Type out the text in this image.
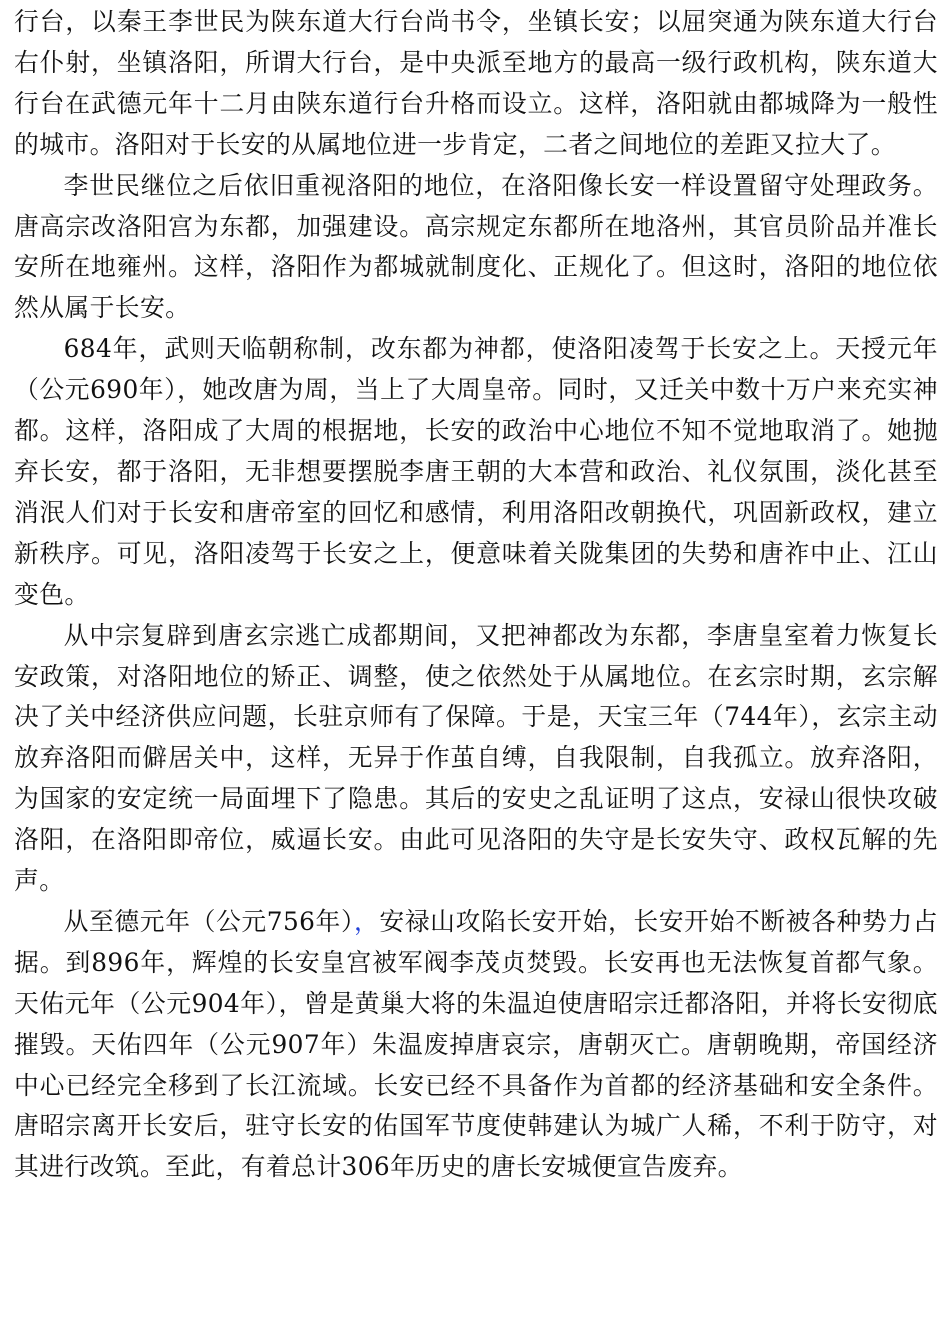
行台，以秦王李世民为陕东道大行台尚书令，坐镇长安；以屈突通为陕东道大行台右仆射，坐镇洛阳，所谓大行台，是中央派至地方的最高一级行政机构，陕东道大行台在武德元年十二月由陕东道行台升格而设立。这样，洛阳就由都城降为一般性的城市。洛阳对于长安的从属地位进一步肯定，二者之间地位的差距又拉大了。

李世民继位之后依旧重视洛阳的地位，在洛阳像长安一样设置留守处理政务。唐高宗改洛阳宫为东都，加强建设。高宗规定东都所在地洛州，其官员阶品并准长安所在地雍州。这样，洛阳作为都城就制度化、正规化了。但这时，洛阳的地位依然从属于长安。

684年，武则天临朝称制，改东都为神都，使洛阳凌驾于长安之上。天授元年（公元690年），她改唐为周，当上了大周皇帝。同时，又迁关中数十万户来充实神都。这样，洛阳成了大周的根据地，长安的政治中心地位不知不觉地取消了。她抛弃长安，都于洛阳，无非想要摆脱李唐王朝的大本营和政治、礼仪氛围，淡化甚至消泯人们对于长安和唐帝室的回忆和感情，利用洛阳改朝换代，巩固新政权，建立新秩序。可见，洛阳凌驾于长安之上，便意味着关陇集团的失势和唐祚中止、江山变色。

从中宗复辟到唐玄宗逃亡成都期间，又把神都改为东都，李唐皇室着力恢复长安政策，对洛阳地位的矫正、调整，使之依然处于从属地位。在玄宗时期，玄宗解决了关中经济供应问题，长驻京师有了保障。于是，天宝三年（744年），玄宗主动放弃洛阳而僻居关中，这样，无异于作茧自缚，自我限制，自我孤立。放弃洛阳，为国家的安定统一局面埋下了隐患。其后的安史之乱证明了这点，安禄山很快攻破洛阳，在洛阳即帝位，威逼长安。由此可见洛阳的失守是长安失守、政权瓦解的先声。

从至德元年（公元756年），安禄山攻陷长安开始，长安开始不断被各种势力占据。到896年，辉煌的长安皇宫被军阀李茂贞焚毁。长安再也无法恢复首都气象。天佑元年（公元904年），曾是黄巢大将的朱温迫使唐昭宗迁都洛阳，并将长安彻底摧毁。天佑四年（公元907年）朱温废掉唐哀宗，唐朝灭亡。唐朝晚期，帝国经济中心已经完全移到了长江流域。长安已经不具备作为首都的经济基础和安全条件。唐昭宗离开长安后，驻守长安的佑国军节度使韩建认为城广人稀，不利于防守，对其进行改筑。至此，有着总计306年历史的唐长安城便宣告废弃。
